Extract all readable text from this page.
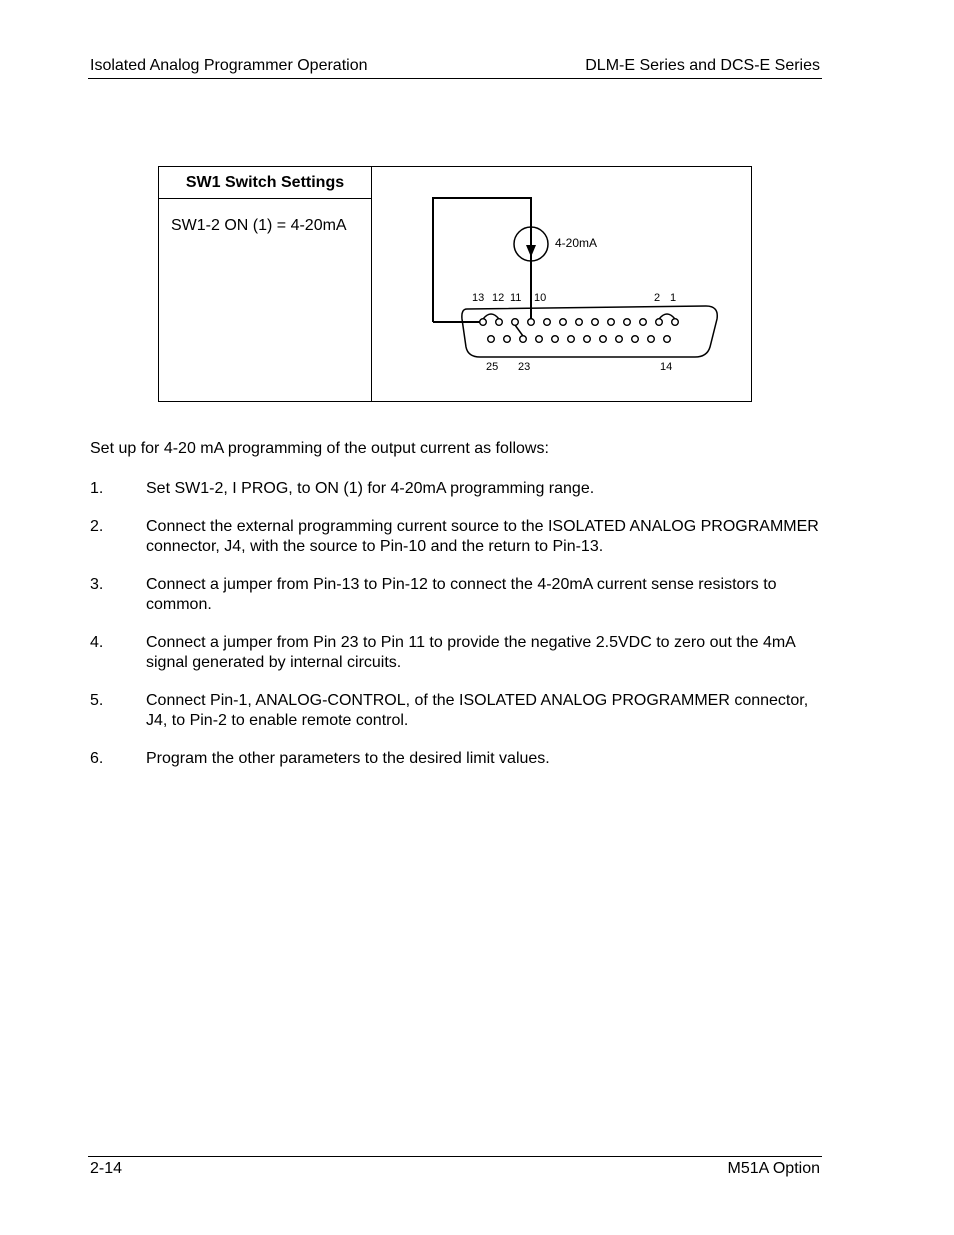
Isolated Analog Programmer Operation	DLM-E Series and DCS-E Series
SW1 Switch Settings
SW1-2 ON (1) = 4-20mA
4-20mA
13 12 11 10	2 1
25 23	14
Set up for 4-20 mA programming of the output current as follows:
1.	Set SW1-2, I PROG, to ON (1) for 4-20mA programming range.
2.	Connect the external programming current source to the ISOLATED ANALOG PROGRAMMER connector, J4, with the source to Pin-10 and the return to Pin-13.
3.	Connect a jumper from Pin-13 to Pin-12 to connect the 4-20mA current sense resistors to common.
4.	Connect a jumper from Pin 23 to Pin 11 to provide the negative 2.5VDC to zero out the 4mA signal generated by internal circuits.
5.	Connect Pin-1, ANALOG-CONTROL, of the ISOLATED ANALOG PROGRAMMER connector, J4, to Pin-2 to enable remote control.
6.	Program the other parameters to the desired limit values.
2-14	M51A Option
